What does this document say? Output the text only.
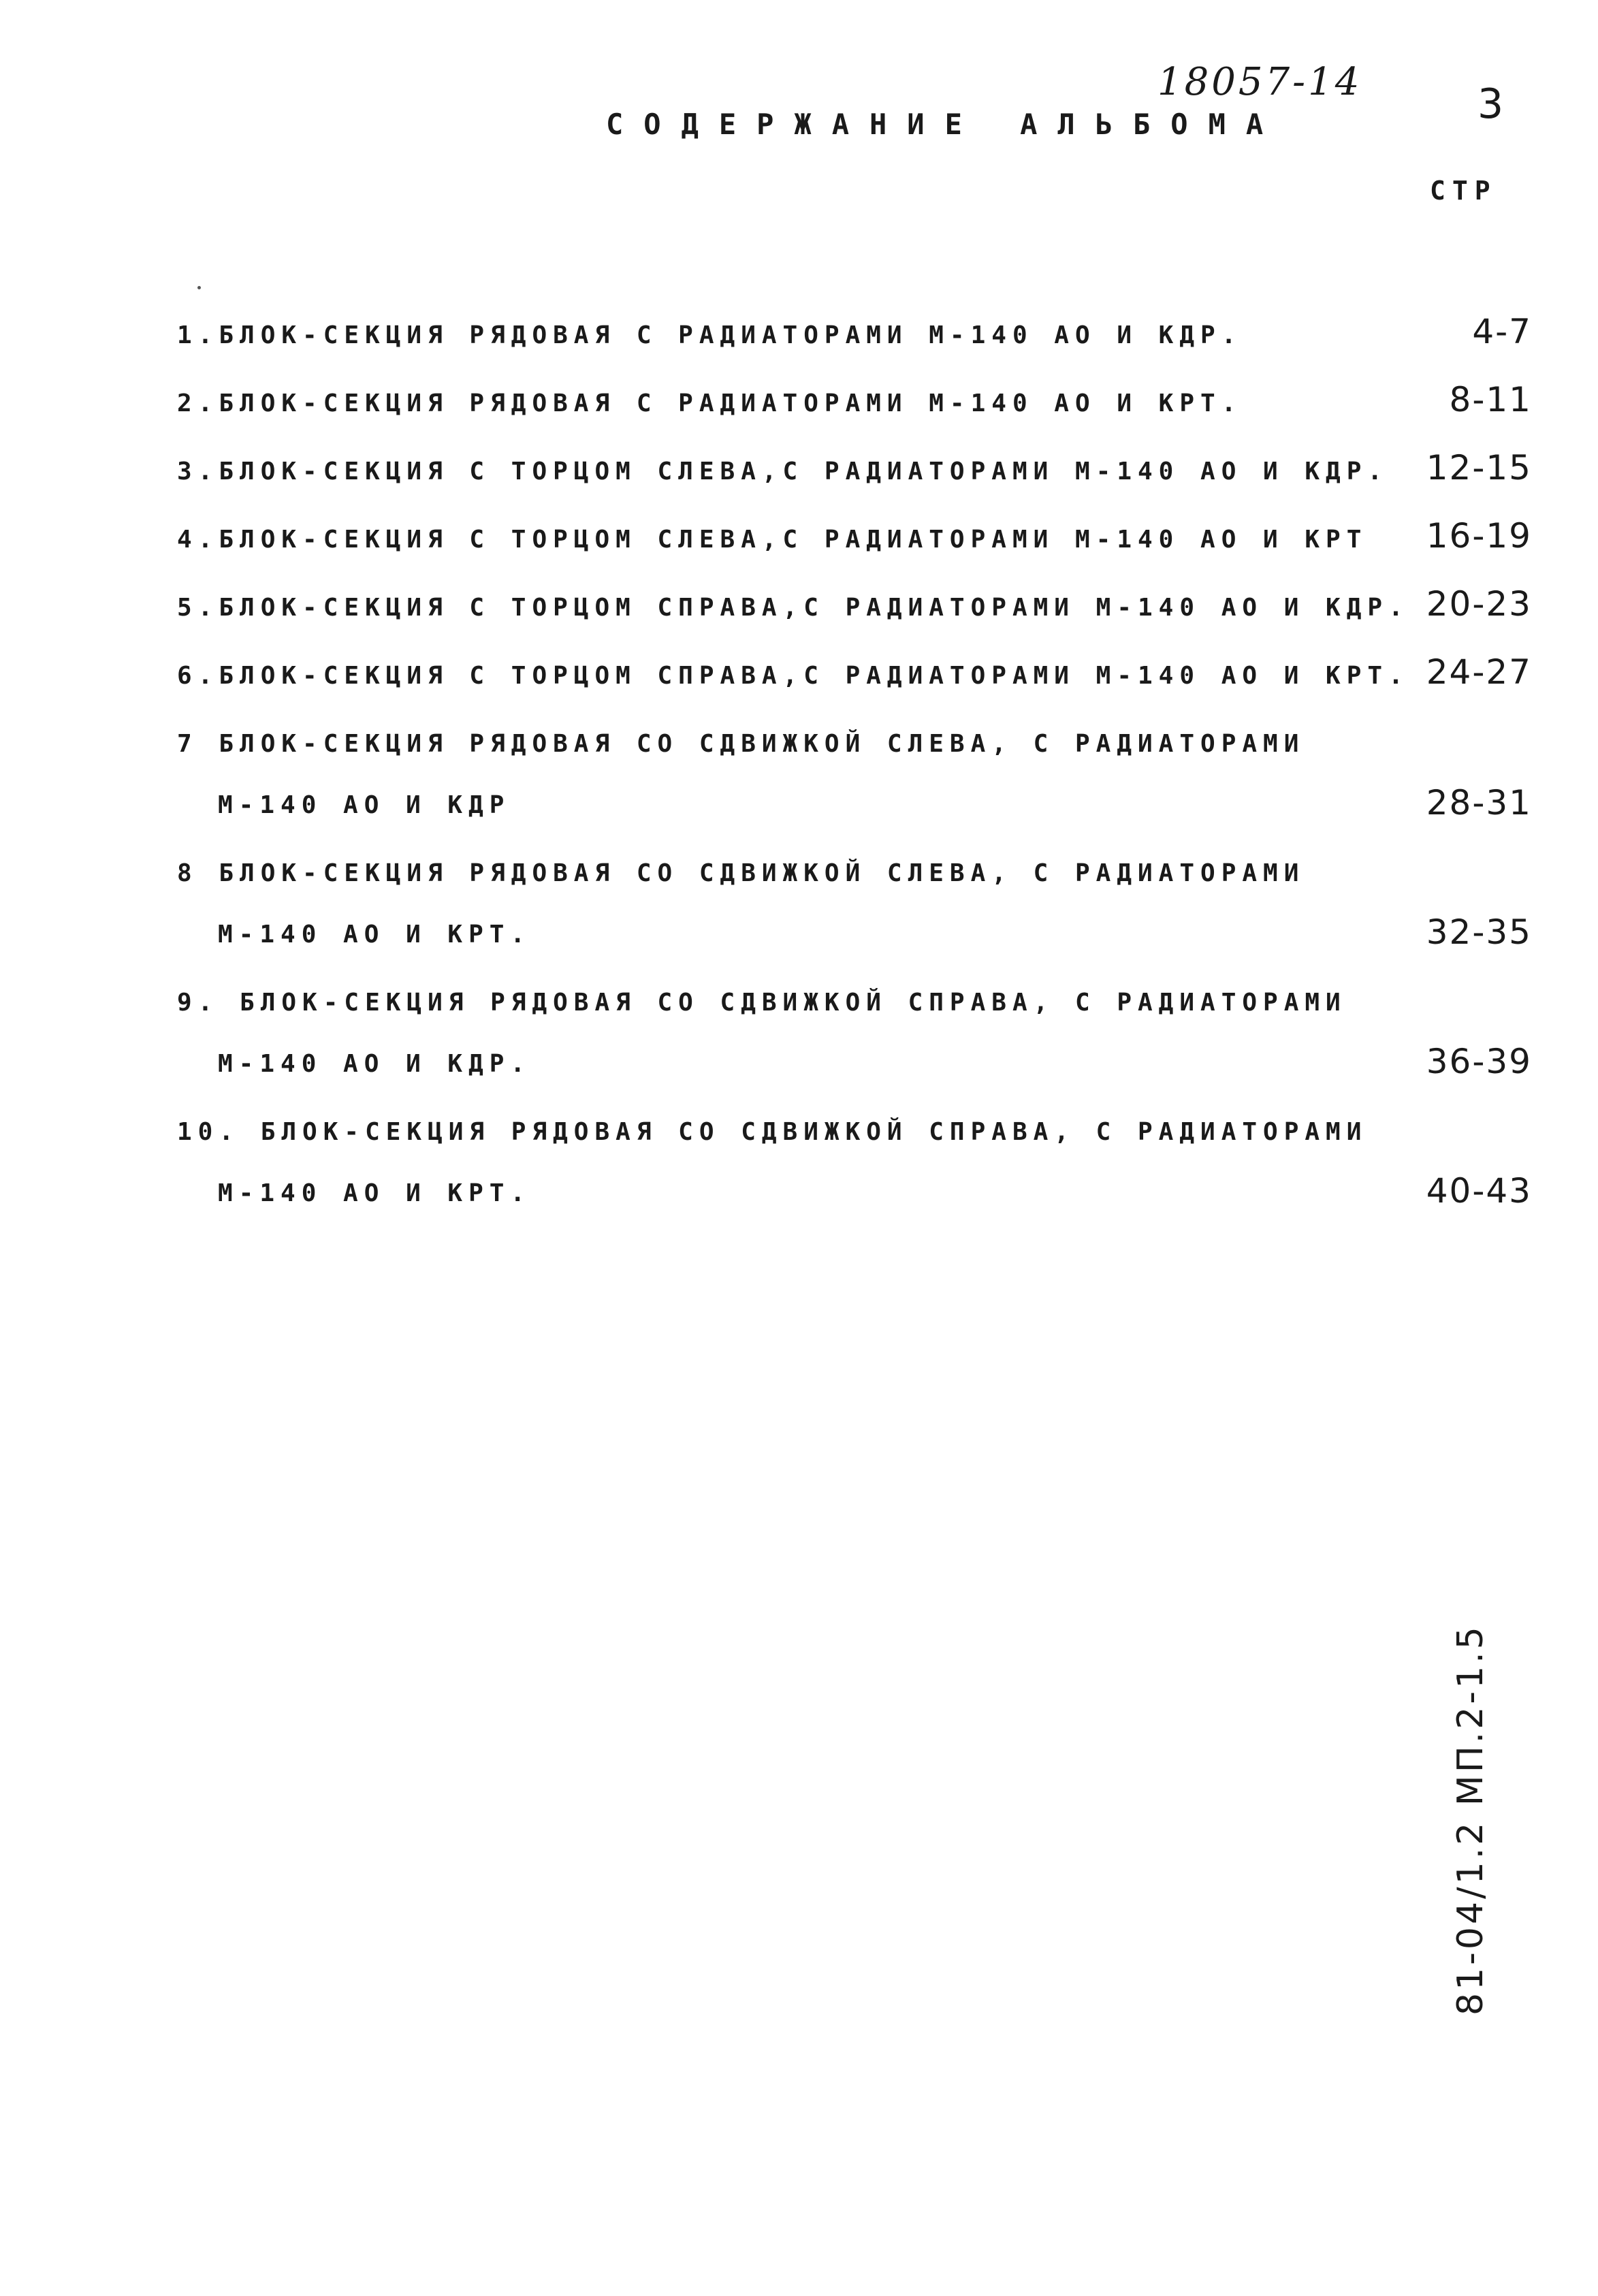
18057-14	3
СОДЕРЖАНИЕ АЛЬБОМА
СТР
1.БЛОК-СЕКЦИЯ РЯДОВАЯ С РАДИАТОРАМИ М-140 АО И КДР.	4-7
2.БЛОК-СЕКЦИЯ РЯДОВАЯ С РАДИАТОРАМИ М-140 АО И КРТ.	8-11
3.БЛОК-СЕКЦИЯ С ТОРЦОМ СЛЕВА,С РАДИАТОРАМИ М-140 АО И КДР. 12-15
4.БЛОК-СЕКЦИЯ С ТОРЦОМ СЛЕВА,С РАДИАТОРАМИ М-140 АО И КРТ 16-19
5.БЛОК-СЕКЦИЯ С ТОРЦОМ СПРАВА,С РАДИАТОРАМИ М-140 АО И КДР. 20-23
6.БЛОК-СЕКЦИЯ С ТОРЦОМ СПРАВА,С РАДИАТОРАМИ М-140 АО И КРТ. 24-27
7 БЛОК-СЕКЦИЯ РЯДОВАЯ СО СДВИЖКОЙ СЛЕВА, С РАДИАТОРАМИ
М-140 АО И КДР	28-31
8 БЛОК-СЕКЦИЯ РЯДОВАЯ СО СДВИЖКОЙ СЛЕВА, С РАДИАТОРАМИ
М-140 АО И КРТ.	32-35
9. БЛОК-СЕКЦИЯ РЯДОВАЯ СО СДВИЖКОЙ СПРАВА, С РАДИАТОРАМИ
М-140 АО И КДР.	36-39
10. БЛОК-СЕКЦИЯ РЯДОВАЯ СО СДВИЖКОЙ СПРАВА, С РАДИАТОРАМИ
М-140 АО И КРТ.	40-43
81-04/1.2 МП.2-1.5
